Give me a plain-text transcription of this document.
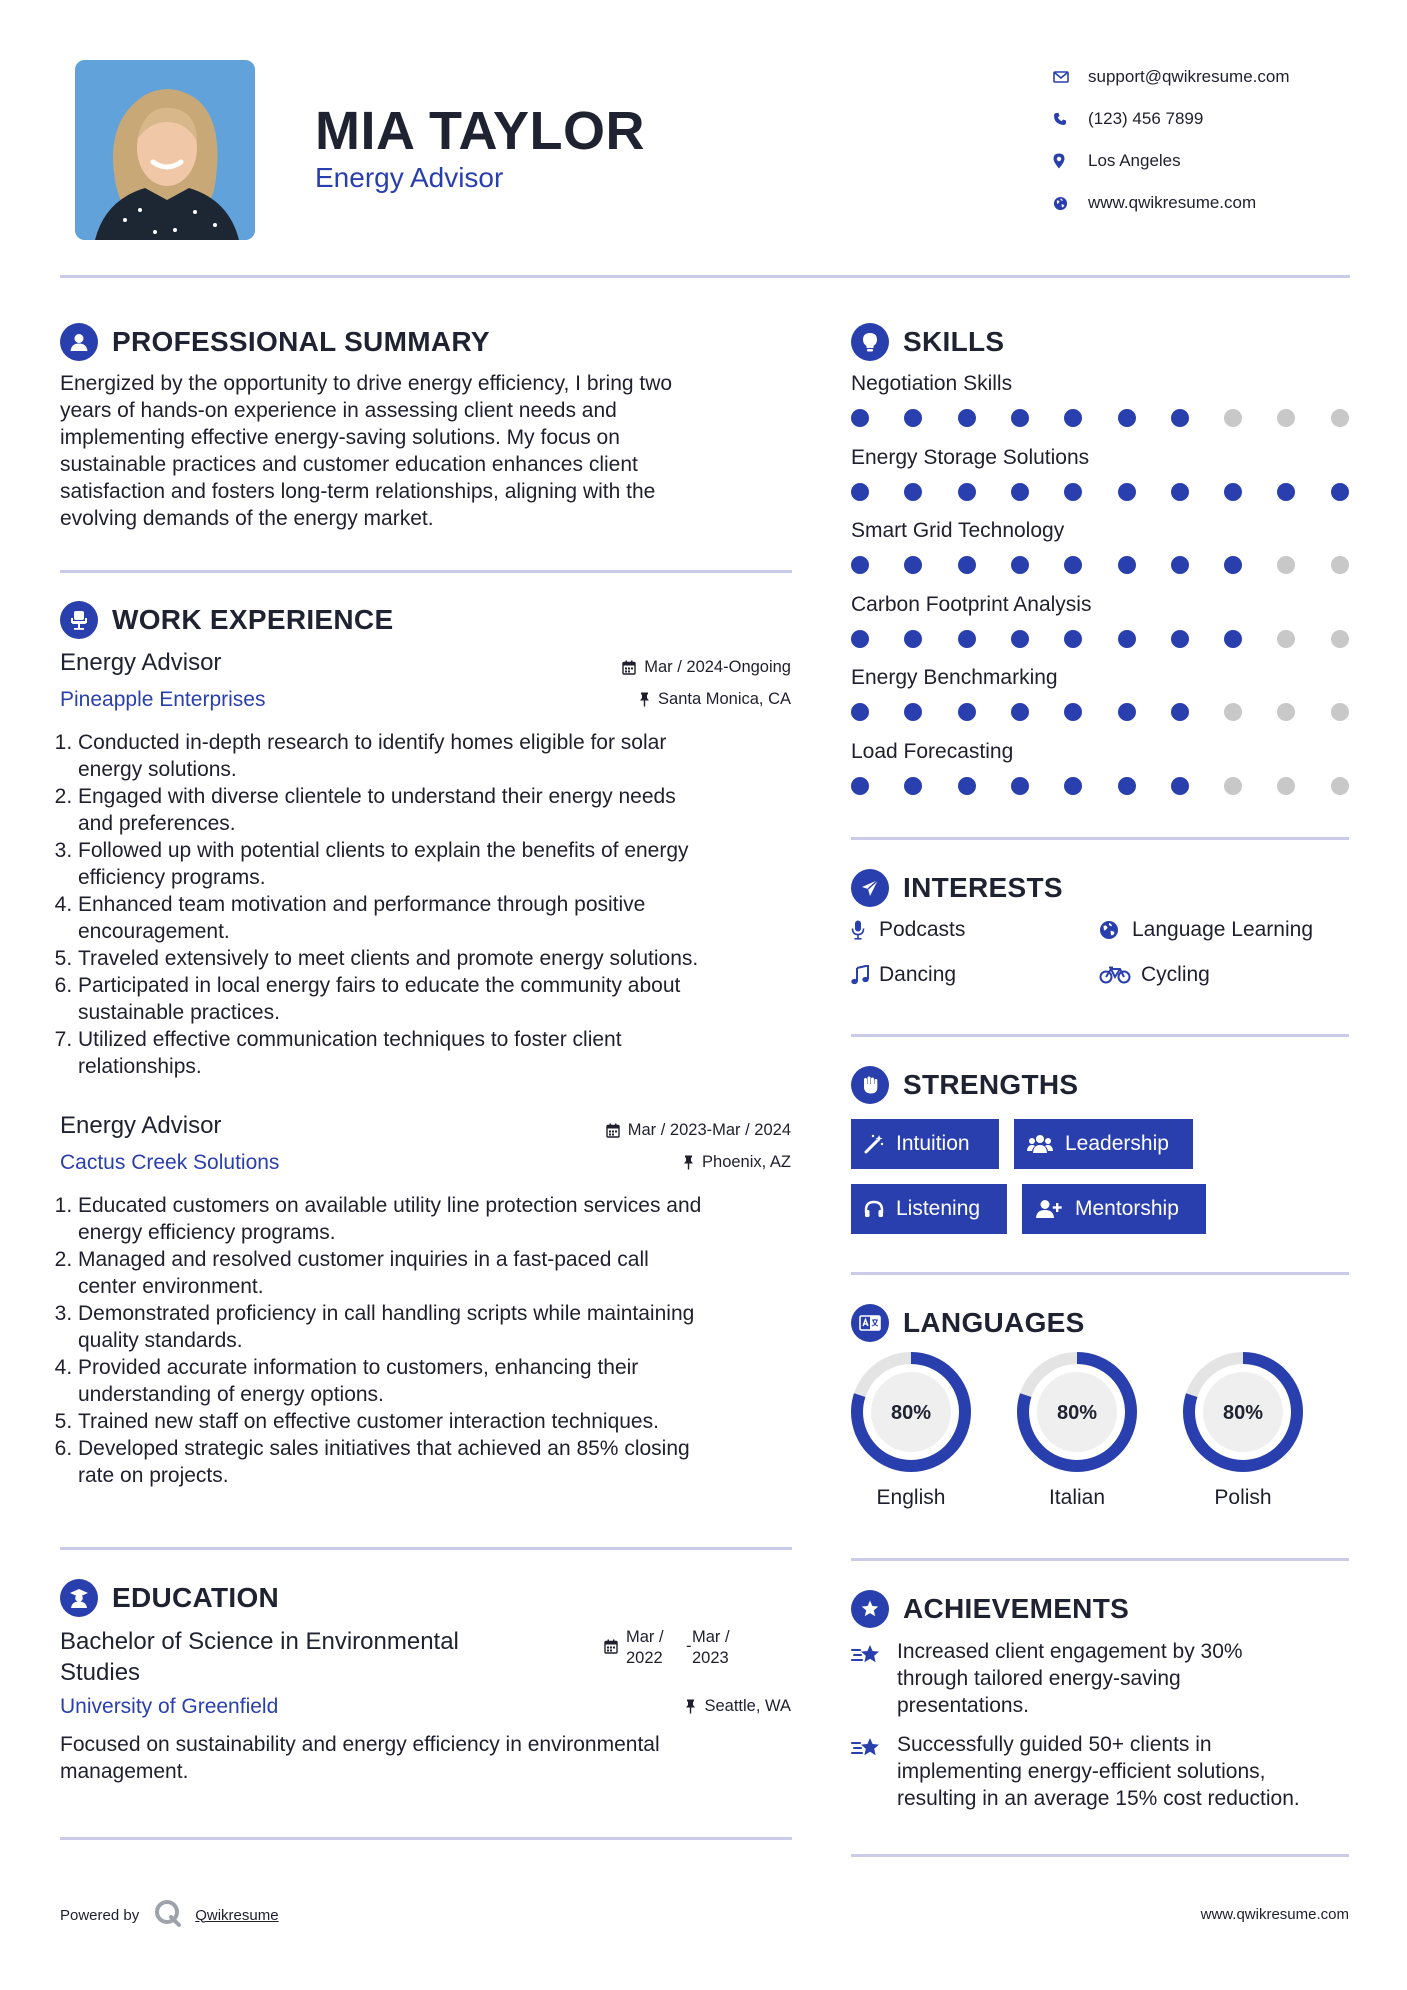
MIA TAYLOR
Energy Advisor
support@qwikresume.com
(123) 456 7899
Los Angeles
www.qwikresume.com
PROFESSIONAL SUMMARY
Energized by the opportunity to drive energy efficiency, I bring two
years of hands-on experience in assessing client needs and
implementing effective energy-saving solutions. My focus on
sustainable practices and customer education enhances client
satisfaction and fosters long-term relationships, aligning with the
evolving demands of the energy market.
WORK EXPERIENCE
Energy Advisor	Mar / 2024-Ongoing
Pineapple Enterprises	Santa Monica, CA
1. Conducted in-depth research to identify homes eligible for solar
energy solutions.
2. Engaged with diverse clientele to understand their energy needs
and preferences.
3. Followed up with potential clients to explain the benefits of energy
efficiency programs.
4. Enhanced team motivation and performance through positive
encouragement.
5. Traveled extensively to meet clients and promote energy solutions.
6. Participated in local energy fairs to educate the community about
sustainable practices.
7. Utilized effective communication techniques to foster client
relationships.
Energy Advisor	Mar / 2023-Mar / 2024
Cactus Creek Solutions	Phoenix, AZ
1. Educated customers on available utility line protection services and
energy efficiency programs.
2. Managed and resolved customer inquiries in a fast-paced call
center environment.
3. Demonstrated proficiency in call handling scripts while maintaining
quality standards.
4. Provided accurate information to customers, enhancing their
understanding of energy options.
5. Trained new staff on effective customer interaction techniques.
6. Developed strategic sales initiatives that achieved an 85% closing
rate on projects.
EDUCATION
Bachelor of Science in Environmental
Studies
Mar /
2022
- Mar /
2023
University of Greenfield	Seattle, WA
Focused on sustainability and energy efficiency in environmental
management.
SKILLS
Negotiation Skills
Energy Storage Solutions
Smart Grid Technology
Carbon Footprint Analysis
Energy Benchmarking
Load Forecasting
INTERESTS
Podcasts	Language Learning
Dancing	Cycling
STRENGTHS
Intuition	Leadership
Listening	Mentorship
LANGUAGES
80%
English
80%
Italian
80%
Polish
ACHIEVEMENTS
Increased client engagement by 30%
through tailored energy-saving
presentations.
Successfully guided 50+ clients in
implementing energy-efficient solutions,
resulting in an average 15% cost reduction.
Powered by	Qwikresume	www.qwikresume.com
